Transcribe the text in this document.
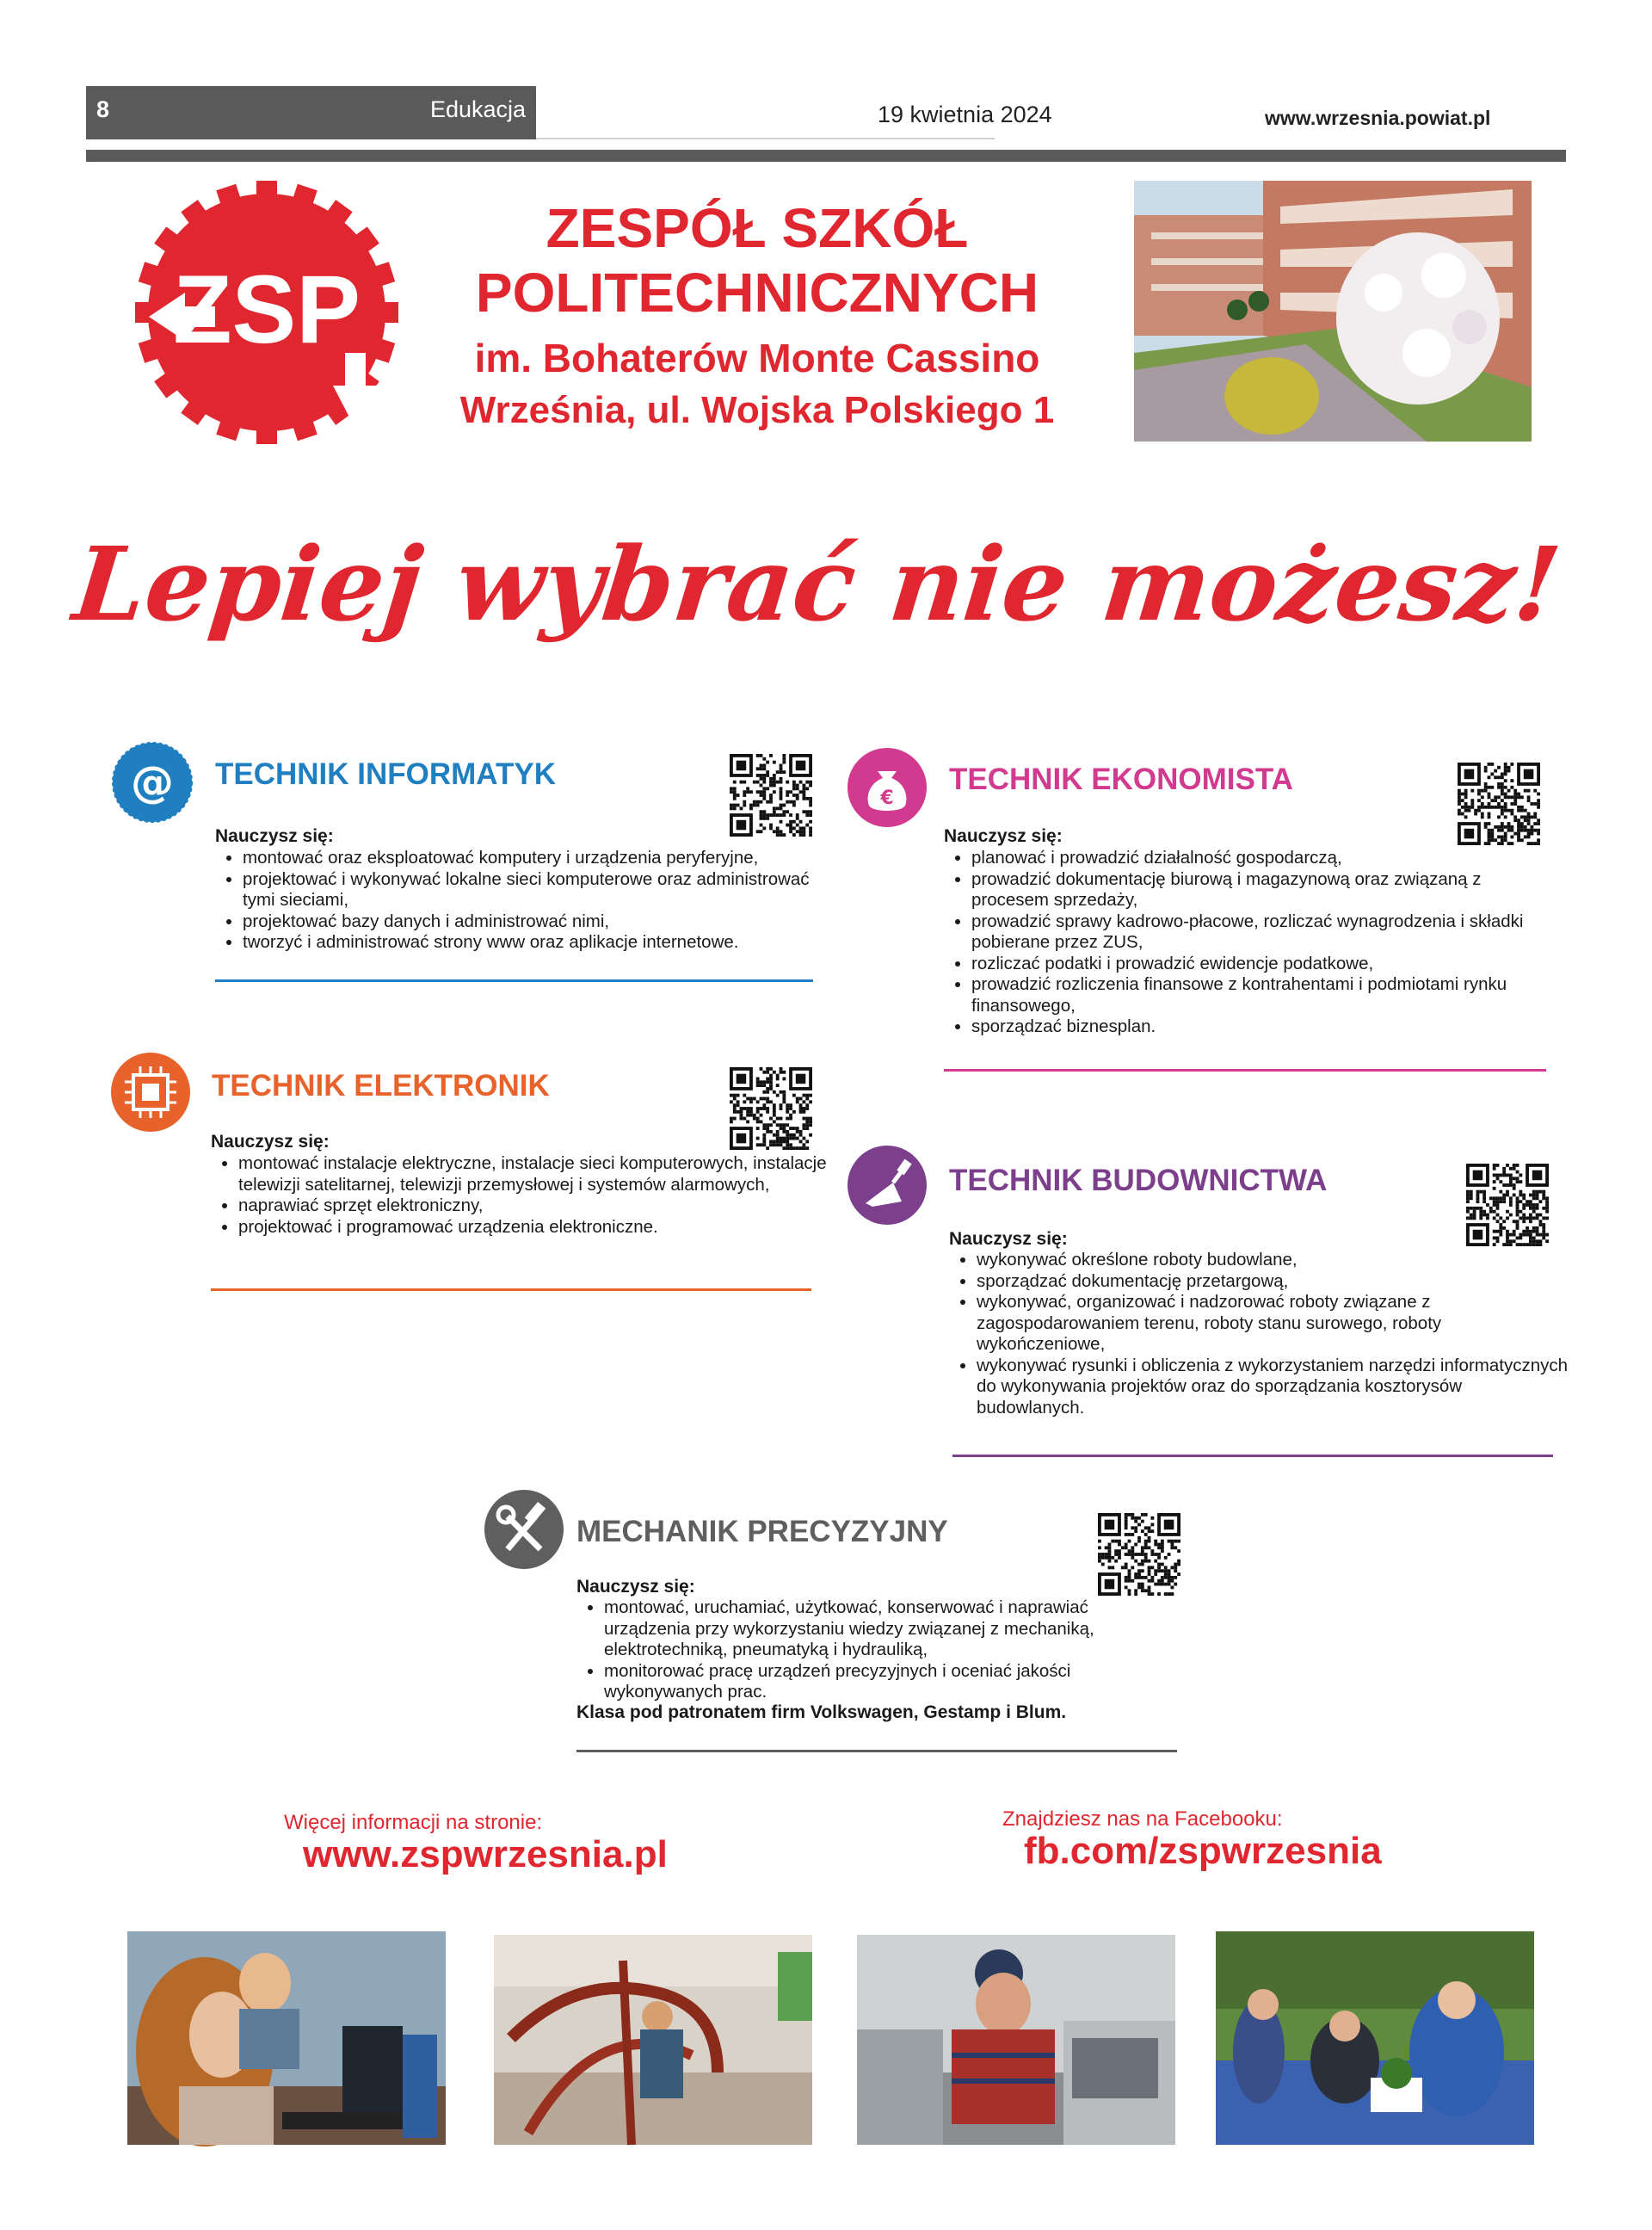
8	Edukacja	19 kwietnia 2024	www.wrzesnia.powiat.pl
ZSP
ZESPÓŁ SZKÓŁ
POLITECHNICZNYCH
im. Bohaterów Monte Cassino
Września, ul. Wojska Polskiego 1
Lepiej wybrać nie możesz!
@ TECHNIK INFORMATYK
Nauczysz się:
• montować oraz eksploatować komputery i urządzenia peryferyjne,
• projektować i wykonywać lokalne sieci komputerowe oraz administrować tymi sieciami,
• projektować bazy danych i administrować nimi,
• tworzyć i administrować strony www oraz aplikacje internetowe.
€
TECHNIK EKONOMISTA
Nauczysz się:
• planować i prowadzić działalność gospodarczą,
• prowadzić dokumentację biurową i magazynową oraz związaną z procesem sprzedaży,
• prowadzić sprawy kadrowo-płacowe, rozliczać wynagrodzenia i składki pobierane przez ZUS,
• rozliczać podatki i prowadzić ewidencje podatkowe,
• prowadzić rozliczenia finansowe z kontrahentami i podmiotami rynku finansowego,
• sporządzać biznesplan.
TECHNIK ELEKTRONIK
Nauczysz się:
• montować instalacje elektryczne, instalacje sieci komputerowych, instalacje telewizji satelitarnej, telewizji przemysłowej i systemów alarmowych,
• naprawiać sprzęt elektroniczny,
• projektować i programować urządzenia elektroniczne.
TECHNIK BUDOWNICTWA
Nauczysz się:
• wykonywać określone roboty budowlane,
• sporządzać dokumentację przetargową,
• wykonywać, organizować i nadzorować roboty związane z zagospodarowaniem terenu, roboty stanu surowego, roboty wykończeniowe,
• wykonywać rysunki i obliczenia z wykorzystaniem narzędzi informatycznych do wykonywania projektów oraz do sporządzania kosztorysów budowlanych.
MECHANIK PRECYZYJNY
Nauczysz się:
• montować, uruchamiać, użytkować, konserwować i naprawiać urządzenia przy wykorzystaniu wiedzy związanej z mechaniką, elektrotechniką, pneumatyką i hydrauliką,
• monitorować pracę urządzeń precyzyjnych i oceniać jakości wykonywanych prac.
Klasa pod patronatem firm Volkswagen, Gestamp i Blum.
Więcej informacji na stronie:
www.zspwrzesnia.pl
Znajdziesz nas na Facebooku:
fb.com/zspwrzesnia
